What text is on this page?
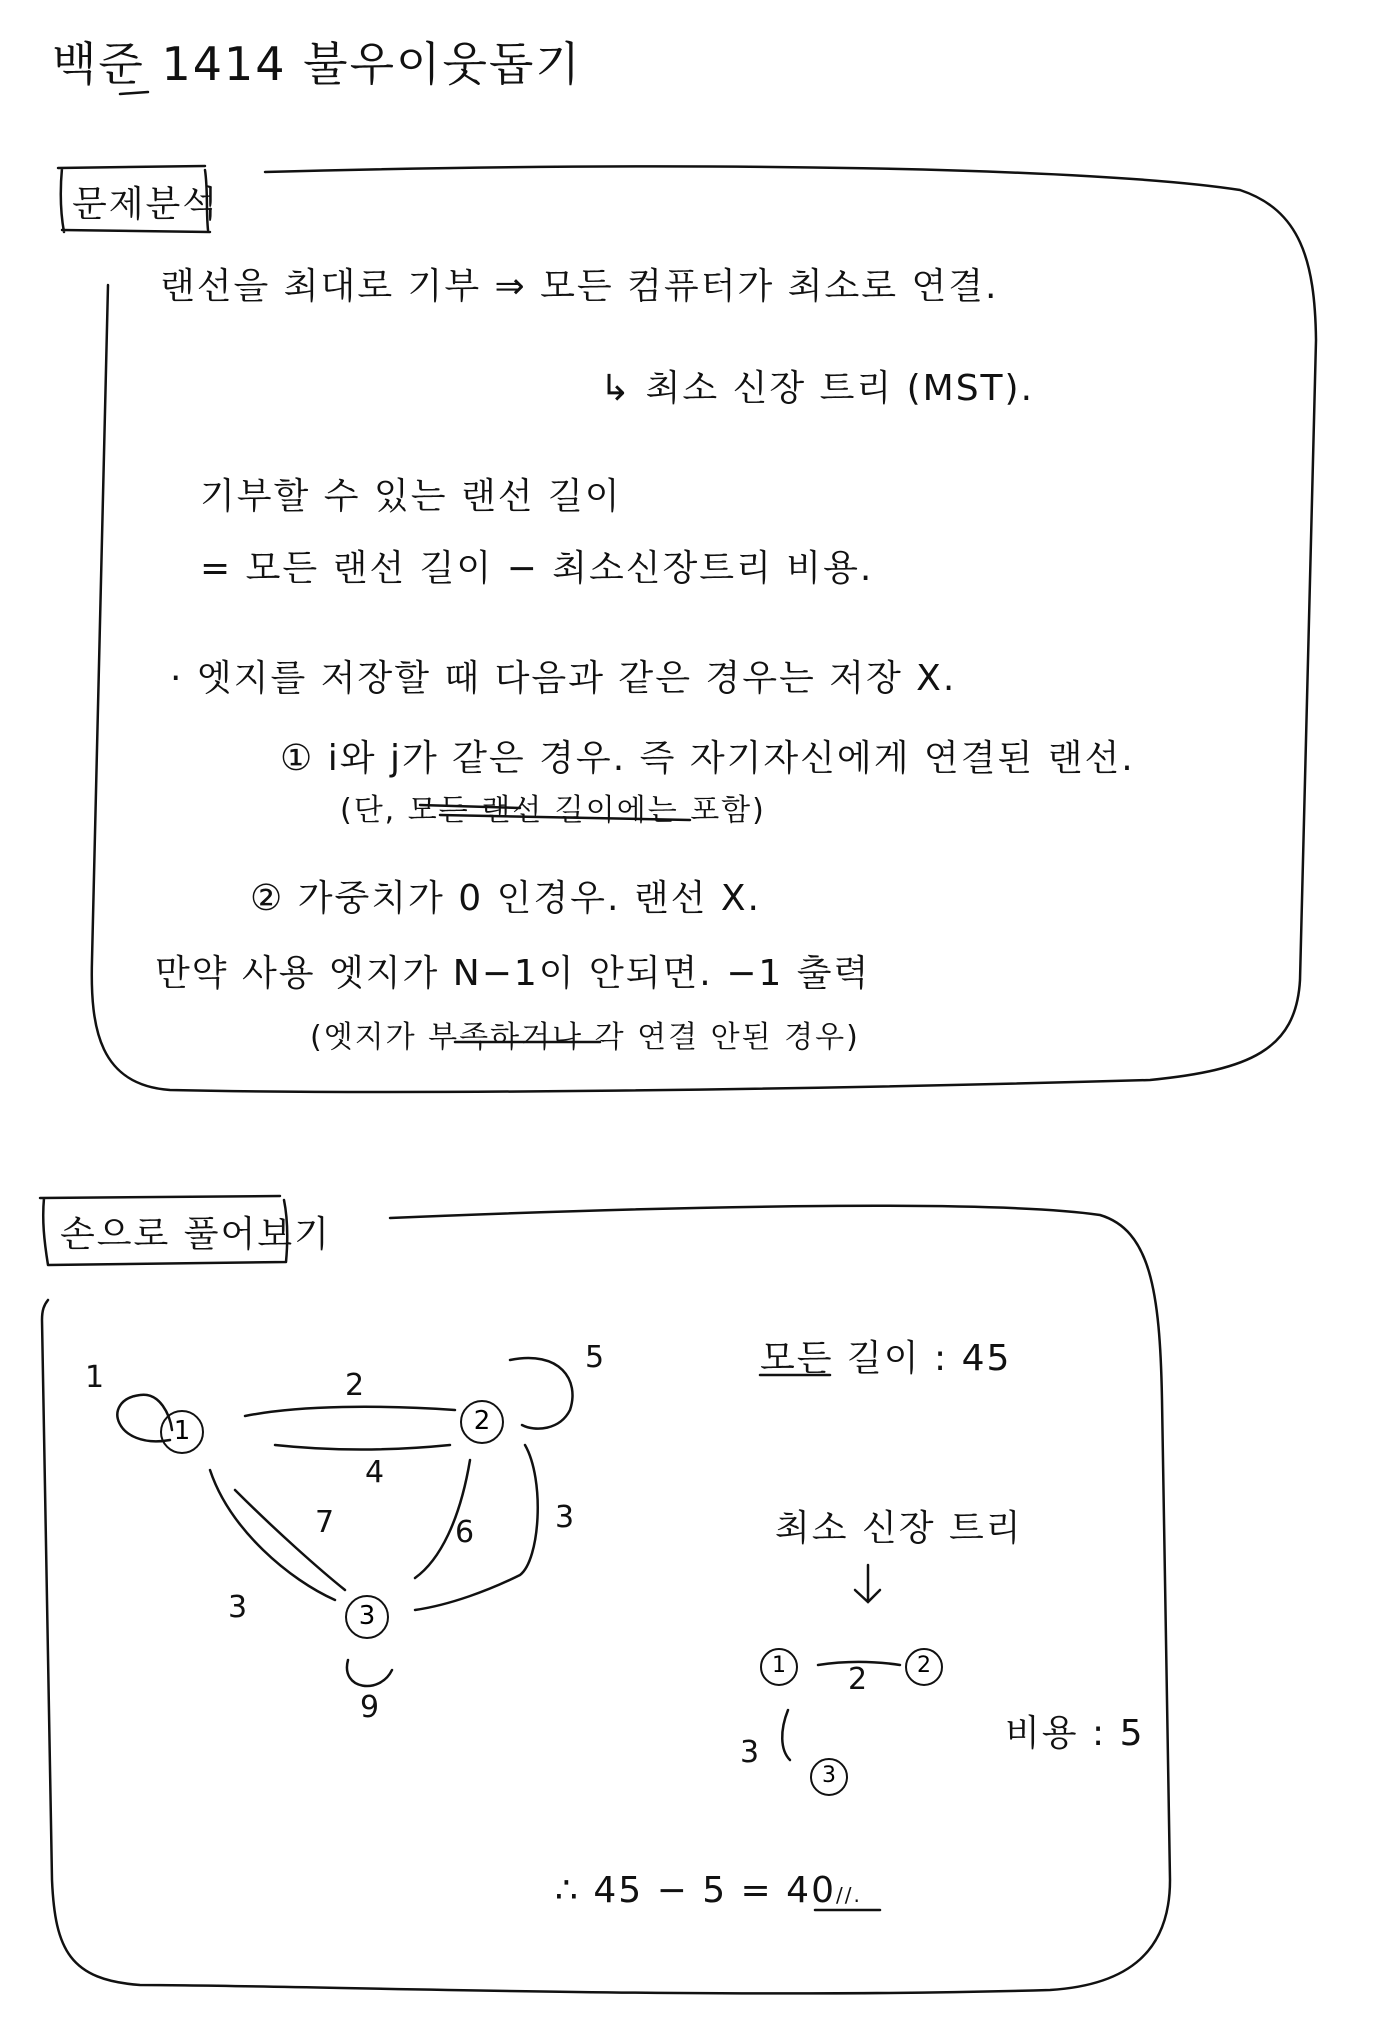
백준 1414 불우이웃돕기
문제분석
랜선을 최대로 기부 ⇒ 모든 컴퓨터가 최소로 연결.
↳ 최소 신장 트리 (MST).
기부할 수 있는 랜선 길이
= 모든 랜선 길이 − 최소신장트리 비용.
· 엣지를 저장할 때 다음과 같은 경우는 저장 X.
① i와 j가 같은 경우. 즉 자기자신에게 연결된 랜선.
(단, 모든 랜선 길이에는 포함)
② 가중치가 0 인경우. 랜선 X.
만약 사용 엣지가 N−1이 안되면. −1 출력
(엣지가 부족하거나 각 연결 안된 경우)
손으로 풀어보기
1	2
3
1	2
5
4
7	6	3
3
9
모든 길이 : 45
최소 신장 트리
1	2
3
2
3	비용 : 5
∴ 45 − 5 = 40//.
